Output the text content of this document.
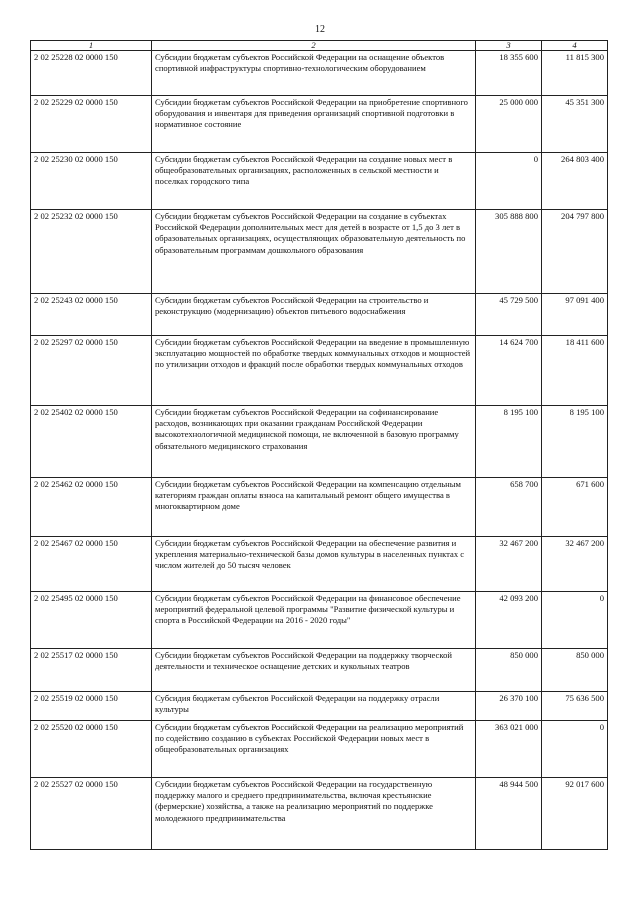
12
1	2	3	4
2 02 25228 02 0000 150	Субсидии бюджетам субъектов Российской Федерации на оснащение объектов спортивной инфраструктуры спортивно-технологическим оборудованием	18 355 600	11 815 300
2 02 25229 02 0000 150	Субсидии бюджетам субъектов Российской Федерации на приобретение спортивного оборудования и инвентаря для приведения организаций спортивной подготовки в нормативное состояние	25 000 000	45 351 300
2 02 25230 02 0000 150	Субсидии бюджетам субъектов Российской Федерации на создание новых мест в общеобразовательных организациях, расположенных в сельской местности и поселках городского типа	0	264 803 400
2 02 25232 02 0000 150	Субсидии бюджетам субъектов Российской Федерации на создание в субъектах Российской Федерации дополнительных мест для детей в возрасте от 1,5 до 3 лет в образовательных организациях, осуществляющих образовательную деятельность по образовательным программам дошкольного образования	305 888 800	204 797 800
2 02 25243 02 0000 150	Субсидии бюджетам субъектов Российской Федерации на строительство и реконструкцию (модернизацию) объектов питьевого водоснабжения	45 729 500	97 091 400
2 02 25297 02 0000 150	Субсидии бюджетам субъектов Российской Федерации на введение в промышленную эксплуатацию мощностей по обработке твердых коммунальных отходов и мощностей по утилизации отходов и фракций после обработки твердых коммунальных отходов	14 624 700	18 411 600
2 02 25402 02 0000 150	Субсидии бюджетам субъектов Российской Федерации на софинансирование расходов, возникающих при оказании гражданам Российской Федерации высокотехнологичной медицинской помощи, не включенной в базовую программу обязательного медицинского страхования	8 195 100	8 195 100
2 02 25462 02 0000 150	Субсидии бюджетам субъектов Российской Федерации на компенсацию отдельным категориям граждан оплаты взноса на капитальный ремонт общего имущества в многоквартирном доме	658 700	671 600
2 02 25467 02 0000 150	Субсидии бюджетам субъектов Российской Федерации на обеспечение развития и укрепления материально-технической базы домов культуры в населенных пунктах с числом жителей до 50 тысяч человек	32 467 200	32 467 200
2 02 25495 02 0000 150	Субсидии бюджетам субъектов Российской Федерации на финансовое обеспечение мероприятий федеральной целевой программы "Развитие физической культуры и спорта в Российской Федерации на 2016 - 2020 годы"	42 093 200	0
2 02 25517 02 0000 150	Субсидии бюджетам субъектов Российской Федерации на поддержку творческой деятельности и техническое оснащение детских и кукольных театров	850 000	850 000
2 02 25519 02 0000 150	Субсидия бюджетам субъектов Российской Федерации на поддержку отрасли культуры	26 370 100	75 636 500
2 02 25520 02 0000 150	Субсидии бюджетам субъектов Российской Федерации на реализацию мероприятий по содействию созданию в субъектах Российской Федерации новых мест в общеобразовательных организациях	363 021 000	0
2 02 25527 02 0000 150	Субсидии бюджетам субъектов Российской Федерации на государственную поддержку малого и среднего предпринимательства, включая крестьянские (фермерские) хозяйства, а также на реализацию мероприятий по поддержке молодежного предпринимательства	48 944 500	92 017 600
